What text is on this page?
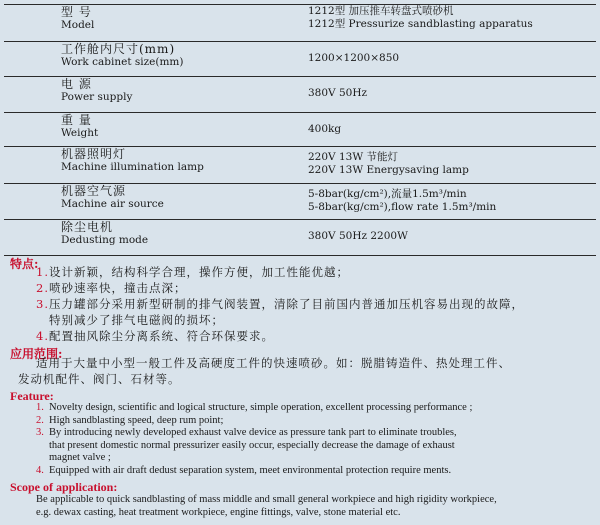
型 号
Model	1212型 加压推车转盘式喷砂机
1212型 Pressurize sandblasting apparatus

工作舱内尺寸(mm)
Work cabinet size(mm)	1200×1200×850

电 源
Power supply	380V 50Hz

重 量
Weight	400kg

机器照明灯
Machine illumination lamp	220V 13W 节能灯
220V 13W Energysaving lamp

机器空气源
Machine air source	5-8bar(kg/cm²),流量1.5m³/min
5-8bar(kg/cm²),flow rate 1.5m³/min

除尘电机
Dedusting mode	380V 50Hz 2200W
特点:
1. 设计新颖，结构科学合理，操作方便，加工性能优越；
2. 喷砂速率快，撞击点深；
3. 压力罐部分采用新型研制的排气阀装置，清除了目前国内普通加压机容易出现的故障，
特别减少了排气电磁阀的损坏；
4. 配置抽风除尘分离系统、符合环保要求。
应用范围:
适用于大量中小型一般工件及高硬度工件的快速喷砂。如：脱腊铸造件、热处理工件、
发动机配件、阀门、石材等。
Feature:
1. Novelty design, scientific and logical structure, simple operation, excellent processing performance ;
2. High sandblasting speed, deep rum point;
3. By introducing newly developed exhaust valve device as pressure tank part to eliminate troubles,
that present domestic normal pressurizer easily occur, especially decrease the damage of exhaust
magnet valve ;
4. Equipped with air draft dedust separation system, meet environmental protection require ments.
Scope of application:
Be applicable to quick sandblasting of mass middle and small general workpiece and high rigidity workpiece,
e.g. dewax casting, heat treatment workpiece, engine fittings, valve, stone material etc.
